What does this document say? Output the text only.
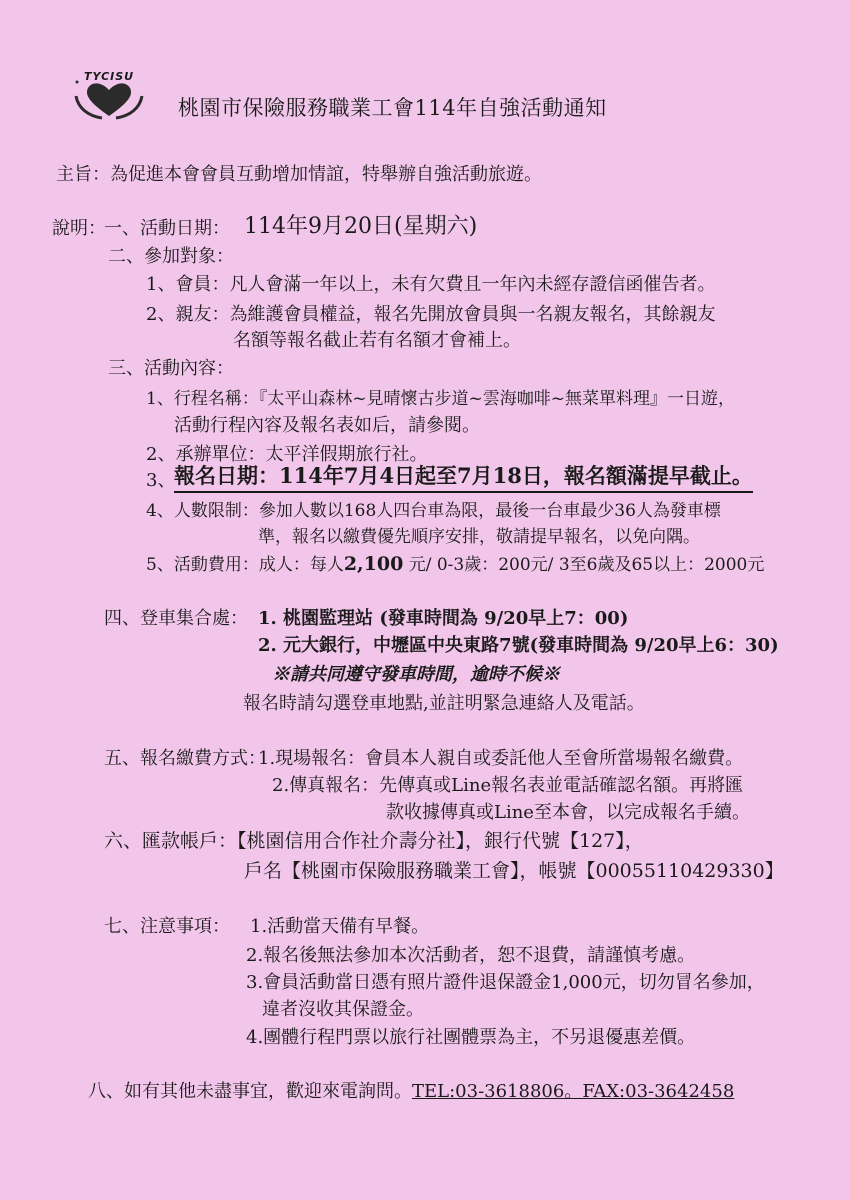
TYCISU
桃園市保險服務職業工會114年自強活動通知
主旨：為促進本會會員互動增加情誼，特舉辦自強活動旅遊。
說明：
一、活動日期： 114年9月20日(星期六)
二、參加對象：
1、會員：凡人會滿一年以上，未有欠費且一年內未經存證信函催告者。
2、親友：為維護會員權益，報名先開放會員與一名親友報名，其餘親友
名額等報名截止若有名額才會補上。
三、活動內容：
1、行程名稱：『太平山森林~見晴懷古步道~雲海咖啡~無菜單料理』一日遊，
活動行程內容及報名表如后，請參閱。
2、承辦單位：太平洋假期旅行社。
3、
報名日期：114年7月4日起至7月18日，報名額滿提早截止。
4、人數限制：參加人數以168人四台車為限，最後一台車最少36人為發車標
準，報名以繳費優先順序安排，敬請提早報名，以免向隅。
5、活動費用：成人：每人2,100 元/ 0-3歲：200元/ 3至6歲及65以上：2000元
四、登車集合處： 1. 桃園監理站 (發車時間為 9/20早上7：00)
2. 元大銀行，中壢區中央東路7號(發車時間為 9/20早上6：30)
※請共同遵守發車時間，逾時不候※
報名時請勾選登車地點,並註明緊急連絡人及電話。
五、報名繳費方式：
1.現場報名：會員本人親自或委託他人至會所當場報名繳費。
2.傳真報名：先傳真或Line報名表並電話確認名額。再將匯
款收據傳真或Line至本會，以完成報名手續。
六、匯款帳戶：【桃園信用合作社介壽分社】，銀行代號【127】，
戶名【桃園市保險服務職業工會】，帳號【00055110429330】
七、注意事項： 1.活動當天備有早餐。
2.報名後無法參加本次活動者，恕不退費，請謹慎考慮。
3.會員活動當日憑有照片證件退保證金1,000元，切勿冒名參加，
違者沒收其保證金。
4.團體行程門票以旅行社團體票為主，不另退優惠差價。
八、如有其他未盡事宜，歡迎來電詢問。TEL:03-3618806。FAX:03-3642458
